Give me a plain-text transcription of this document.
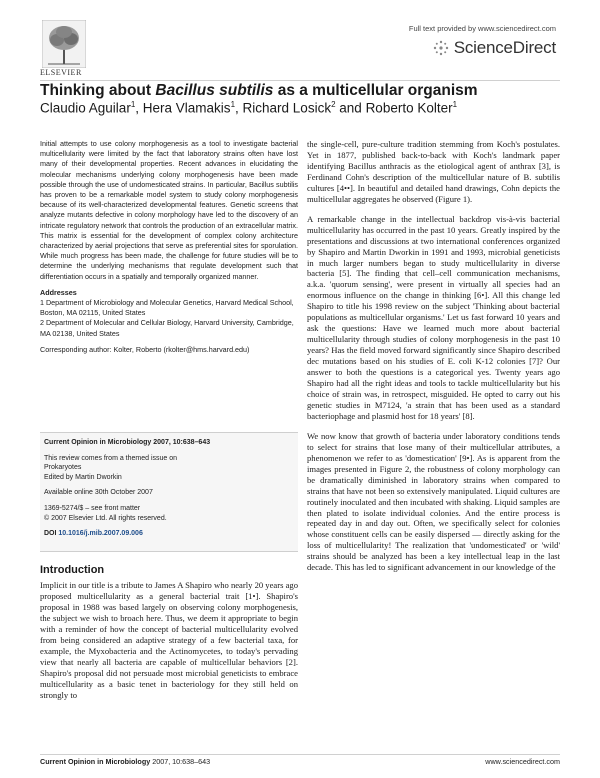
ELSEVIER
Full text provided by www.sciencedirect.com
ScienceDirect
Thinking about Bacillus subtilis as a multicellular organism
Claudio Aguilar$^1$, Hera Vlamakis$^1$, Richard Losick$^2$ and Roberto Kolter$^1$

Initial attempts to use colony morphogenesis as a tool to investigate bacterial multicellularity were limited by the fact that laboratory strains often have lost many of their developmental properties. Recent advances in elucidating the molecular mechanisms underlying colony morphogenesis have been made possible through the use of undomesticated strains. In particular, Bacillus subtilis has proven to be a remarkable model system to study colony morphogenesis because of its well-characterized developmental features. Genetic screens that analyze mutants defective in colony morphology have led to the discovery of an intricate regulatory network that controls the production of an extracellular matrix. This matrix is essential for the development of complex colony architecture characterized by aerial projections that serve as preferential sites for sporulation. While much progress has been made, the challenge for future studies will be to determine the underlying mechanisms that regulate development such that differentiation occurs in a spatially and temporally organized manner.

Addresses

1 Department of Microbiology and Molecular Genetics, Harvard Medical School, Boston, MA 02115, United States

2 Department of Molecular and Cellular Biology, Harvard University, Cambridge, MA 02138, United States

Corresponding author: Kolter, Roberto (rkolter@hms.harvard.edu)
Current Opinion in Microbiology 2007, 10:638–643
This review comes from a themed issue on
Prokaryotes
Edited by Martin Dworkin
Available online 30th October 2007
1369-5274/$ – see front matter
© 2007 Elsevier Ltd. All rights reserved.
DOI 10.1016/j.mib.2007.09.006
Introduction

Implicit in our title is a tribute to James A Shapiro who nearly 20 years ago proposed multicellularity as a general bacterial trait [1•]. Shapiro's proposal in 1988 was based largely on observing colony morphogenesis, the subject we wish to broach here. Thus, we deem it appropriate to begin with a reminder of how the concept of bacterial multicellularity evolved from being considered an adaptive strategy of a few bacterial taxa, for example, the Myxobacteria and the Actinomycetes, to today's pervading view that nearly all bacteria are capable of multicellular behaviors [2]. Shapiro's proposal did not persuade most microbial geneticists to embrace multicellularity as a basic tenet in bacteriology for they still held on strongly to

the single-cell, pure-culture tradition stemming from Koch's postulates. Yet in 1877, published back-to-back with Koch's landmark paper identifying Bacillus anthracis as the etiological agent of anthrax [3], is Ferdinand Cohn's description of the multicellular nature of B. subtilis cultures [4••]. In beautiful and detailed hand drawings, Cohn depicts the multicellular aggregates he observed (Figure 1).

A remarkable change in the intellectual backdrop vis-à-vis bacterial multicellularity has occurred in the past 10 years. Greatly inspired by the presentations and discussions at two international conferences organized by Shapiro and Martin Dworkin in 1991 and 1993, microbial geneticists in much larger numbers began to study multicellularity in diverse bacteria [5]. The finding that cell–cell communication mechanisms, a.k.a. 'quorum sensing', were present in virtually all species had an enormous influence on the change in thinking [6•]. All this change led Shapiro to title his 1998 review on the subject 'Thinking about bacterial populations as multicellular organisms.' Let us fast forward 10 years and ask the questions: Have we learned much more about bacterial multicellularity through studies of colony morphogenesis in the past 10 years? Has the field moved forward significantly since Shapiro described dec mutations based on his studies of E. coli K-12 colonies [7]? Our answer to both the questions is a categorical yes. Twenty years ago Shapiro had all the right ideas and tools to tackle multicellularity but his choice of strain was, in retrospect, misguided. He opted to carry out his genetic studies in M7124, 'a strain that has been used as a standard bacteriophage and plasmid host for 18 years' [8].

We now know that growth of bacteria under laboratory conditions tends to select for strains that lose many of their multicellular attributes, a phenomenon we refer to as 'domestication' [9•]. As is apparent from the images presented in Figure 2, the robustness of colony morphology can be dramatically diminished in laboratory strains when compared to strains that have not been so extensively manipulated. Liquid cultures are routinely inoculated and then incubated with shaking. Liquid samples are then plated to isolate individual colonies. And the entire process is repeated day in and day out. Often, we specifically select for colonies whose constituent cells can be easily dispersed — directly asking for the loss of multicellularity! The realization that 'undomesticated' or 'wild' strains should be analyzed has been a key intellectual leap in the last decade. This has led to significant advancement in our knowledge of the

Current Opinion in Microbiology 2007, 10:638–643	www.sciencedirect.com
